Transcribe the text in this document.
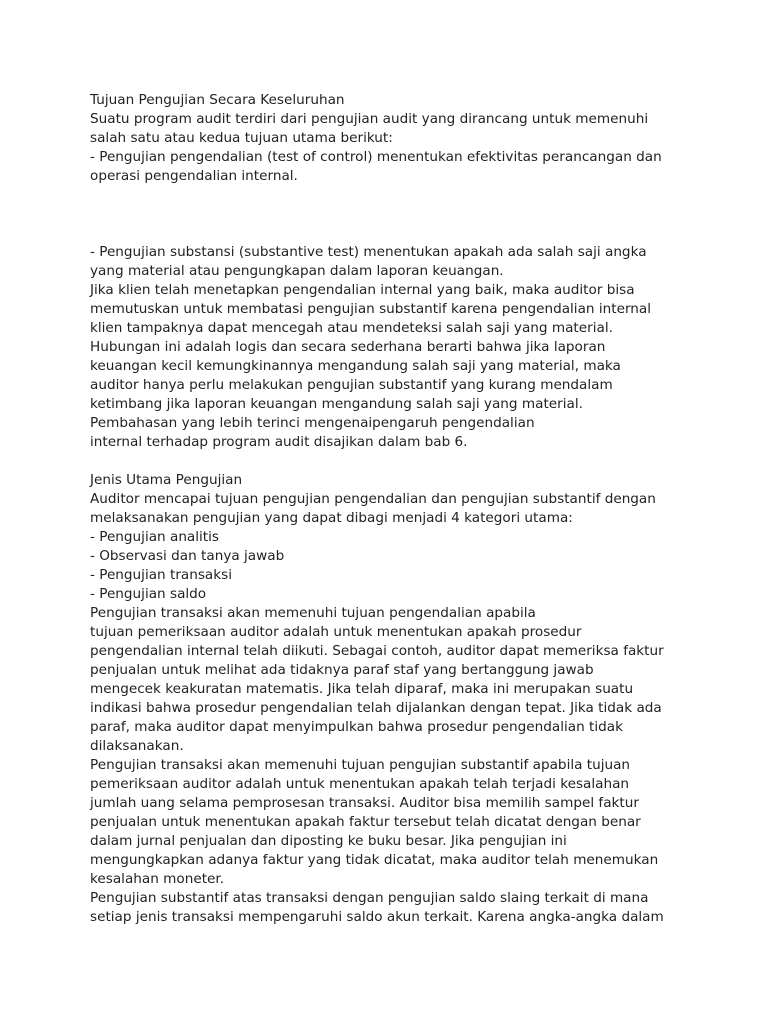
Tujuan Pengujian Secara Keseluruhan
Suatu program audit terdiri dari pengujian audit yang dirancang untuk memenuhi
salah satu atau kedua tujuan utama berikut:
- Pengujian pengendalian (test of control) menentukan efektivitas perancangan dan
operasi pengendalian internal.
- Pengujian substansi (substantive test) menentukan apakah ada salah saji angka
yang material atau pengungkapan dalam laporan keuangan.
Jika klien telah menetapkan pengendalian internal yang baik, maka auditor bisa
memutuskan untuk membatasi pengujian substantif karena pengendalian internal
klien tampaknya dapat mencegah atau mendeteksi salah saji yang material.
Hubungan ini adalah logis dan secara sederhana berarti bahwa jika laporan
keuangan kecil kemungkinannya mengandung salah saji yang material, maka
auditor hanya perlu melakukan pengujian substantif yang kurang mendalam
ketimbang jika laporan keuangan mengandung salah saji yang material.
Pembahasan yang lebih terinci mengenaipengaruh pengendalian
internal terhadap program audit disajikan dalam bab 6.
Jenis Utama Pengujian
Auditor mencapai tujuan pengujian pengendalian dan pengujian substantif dengan
melaksanakan pengujian yang dapat dibagi menjadi 4 kategori utama:
- Pengujian analitis
- Observasi dan tanya jawab
- Pengujian transaksi
- Pengujian saldo
Pengujian transaksi akan memenuhi tujuan pengendalian apabila
tujuan pemeriksaan auditor adalah untuk menentukan apakah prosedur
pengendalian internal telah diikuti. Sebagai contoh, auditor dapat memeriksa faktur
penjualan untuk melihat ada tidaknya paraf staf yang bertanggung jawab
mengecek keakuratan matematis. Jika telah diparaf, maka ini merupakan suatu
indikasi bahwa prosedur pengendalian telah dijalankan dengan tepat. Jika tidak ada
paraf, maka auditor dapat menyimpulkan bahwa prosedur pengendalian tidak
dilaksanakan.
Pengujian transaksi akan memenuhi tujuan pengujian substantif apabila tujuan
pemeriksaan auditor adalah untuk menentukan apakah telah terjadi kesalahan
jumlah uang selama pemprosesan transaksi. Auditor bisa memilih sampel faktur
penjualan untuk menentukan apakah faktur tersebut telah dicatat dengan benar
dalam jurnal penjualan dan diposting ke buku besar. Jika pengujian ini
mengungkapkan adanya faktur yang tidak dicatat, maka auditor telah menemukan
kesalahan moneter.
Pengujian substantif atas transaksi dengan pengujian saldo slaing terkait di mana
setiap jenis transaksi mempengaruhi saldo akun terkait. Karena angka-angka dalam
